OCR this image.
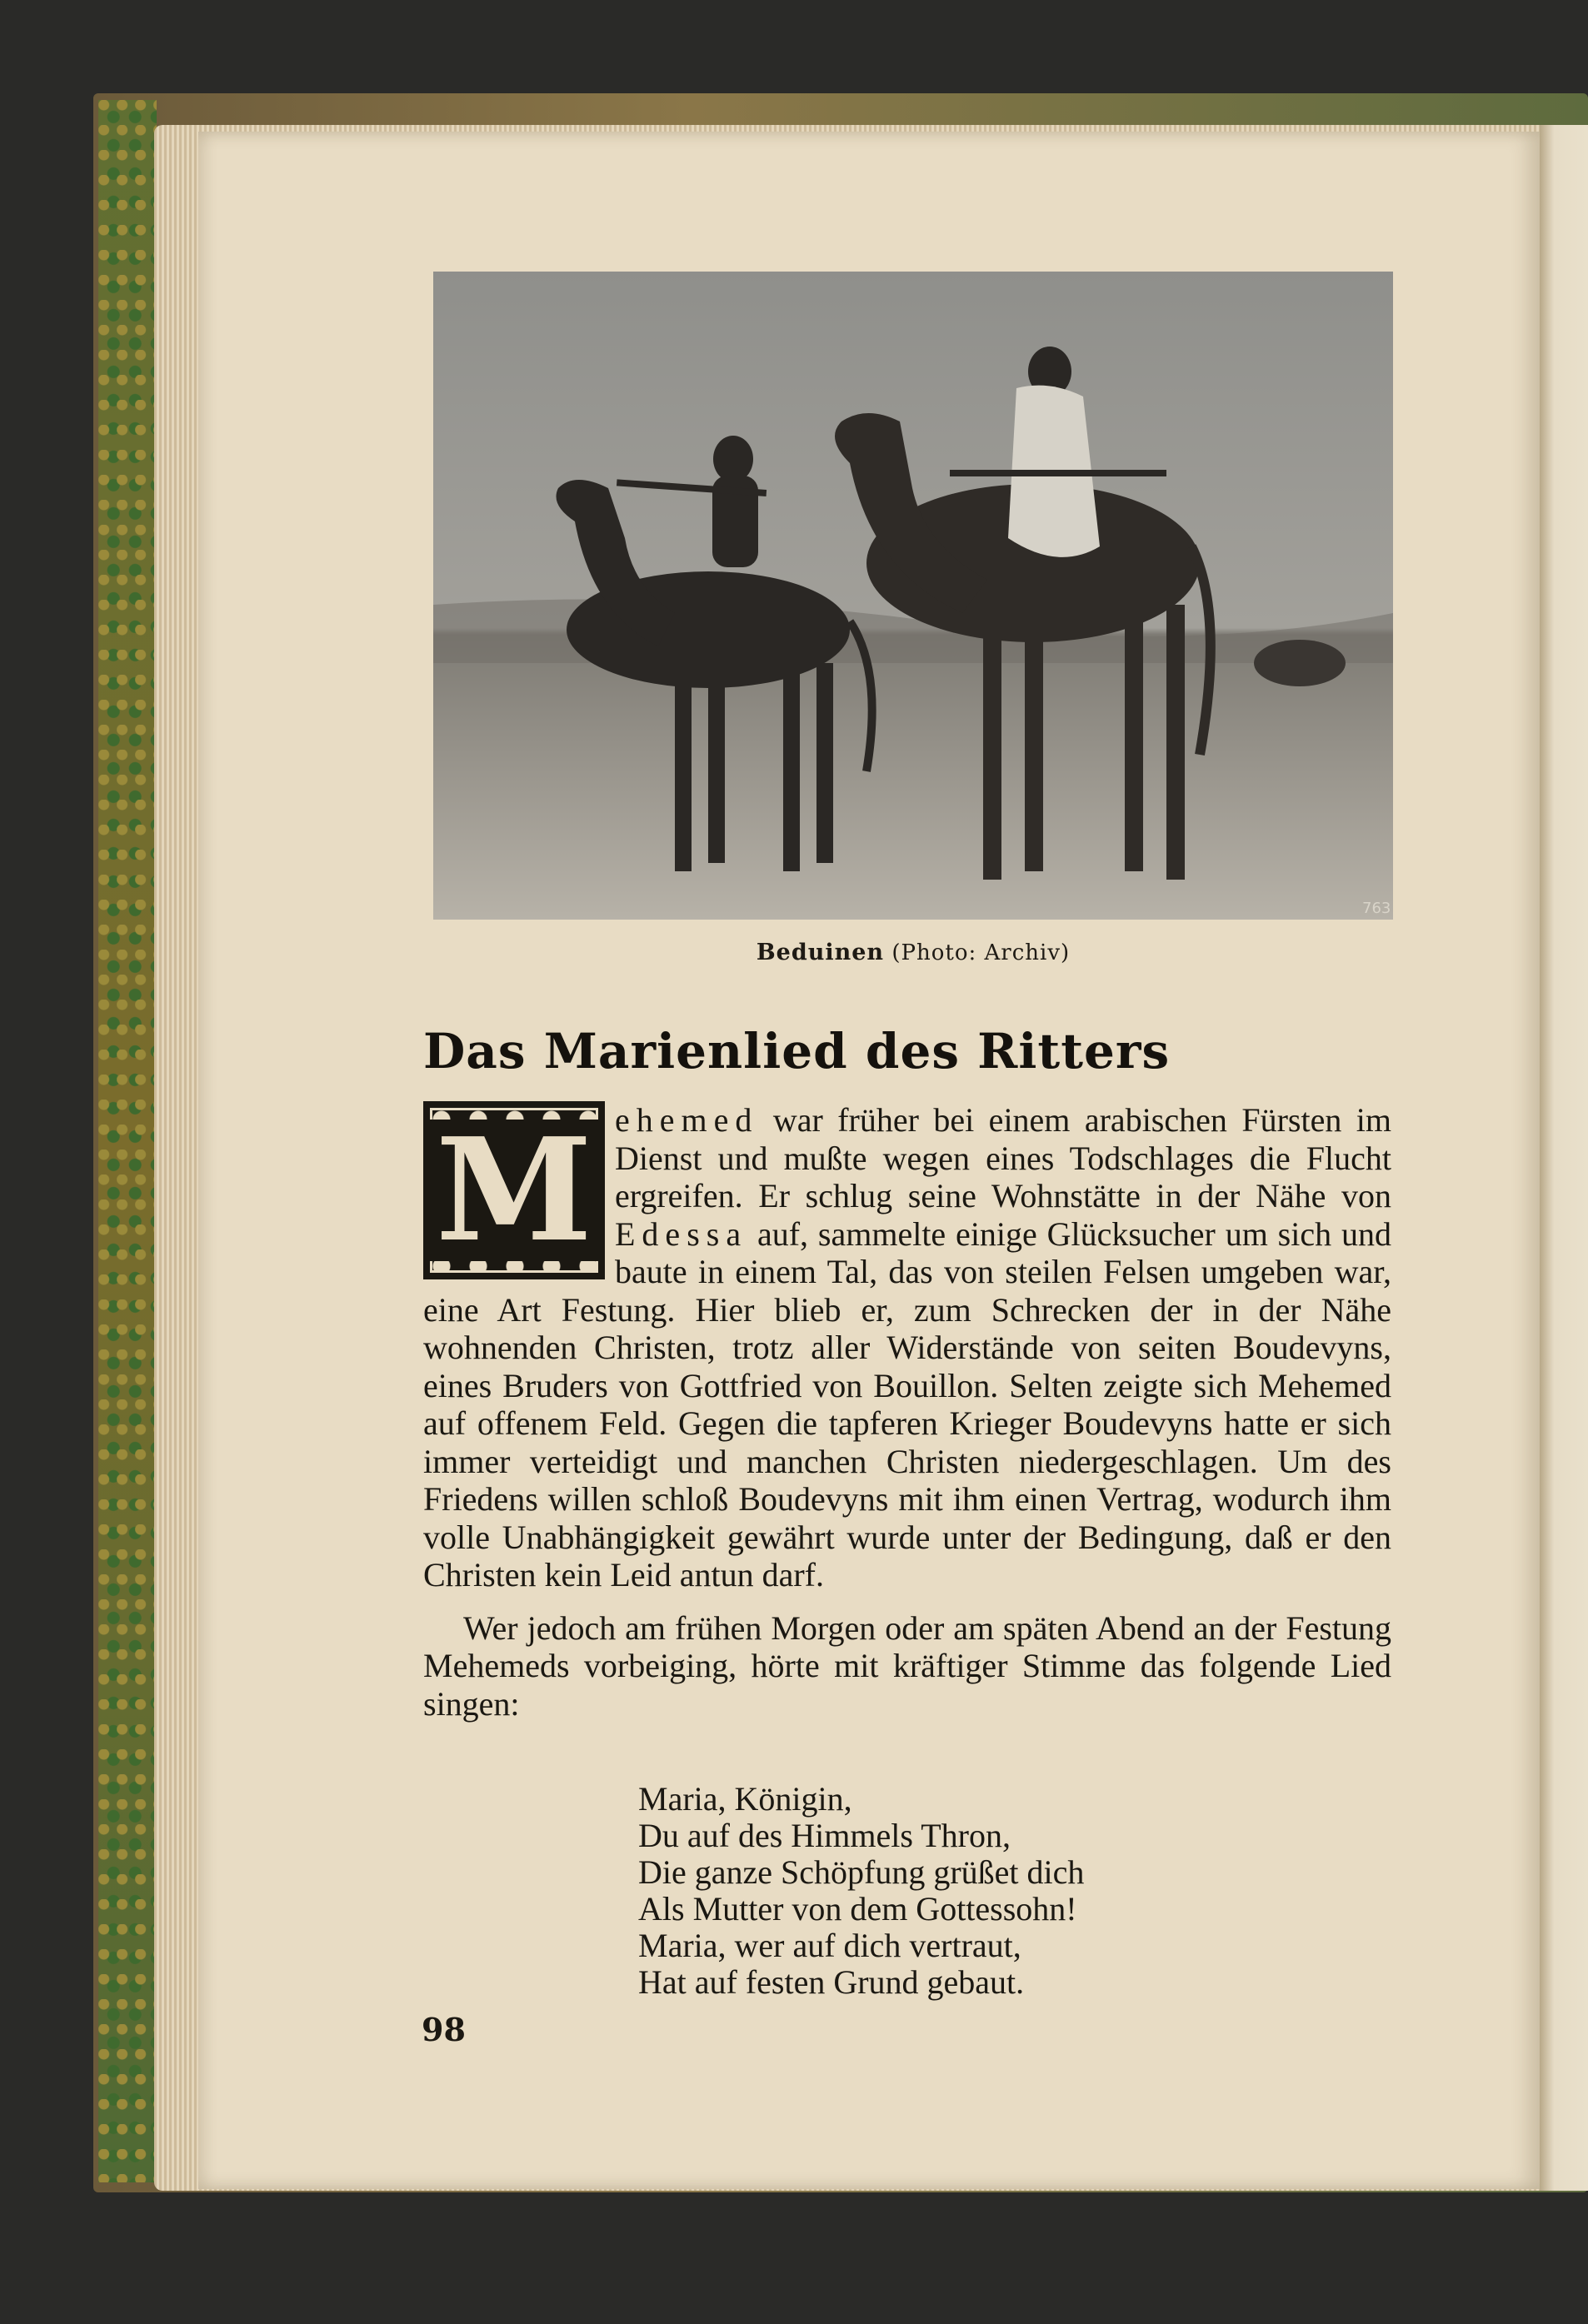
763
Beduinen (Photo: Archiv)
Das Marienlied des Ritters
M ehemed war früher bei einem arabischen Fürsten im Dienst und mußte wegen eines Todschlages die Flucht ergreifen. Er schlug seine Wohnstätte in der Nähe von Edessa auf, sammelte einige Glücksucher um sich und baute in einem Tal, das von steilen Felsen umgeben war, eine Art Festung. Hier blieb er, zum Schrecken der in der Nähe wohnenden Christen, trotz aller Widerstände von seiten Boudevyns, eines Bruders von Gottfried von Bouillon. Selten zeigte sich Mehemed auf offenem Feld. Gegen die tapferen Krieger Boudevyns hatte er sich immer verteidigt und manchen Christen niedergeschlagen. Um des Friedens willen schloß Boudevyns mit ihm einen Vertrag, wodurch ihm volle Unabhängigkeit gewährt wurde unter der Bedingung, daß er den Christen kein Leid antun darf.

Wer jedoch am frühen Morgen oder am späten Abend an der Festung Mehemeds vorbeiging, hörte mit kräftiger Stimme das folgende Lied singen:

Maria, Königin,
Du auf des Himmels Thron,
Die ganze Schöpfung grüßet dich
Als Mutter von dem Gottessohn!
Maria, wer auf dich vertraut,
Hat auf festen Grund gebaut.
98
